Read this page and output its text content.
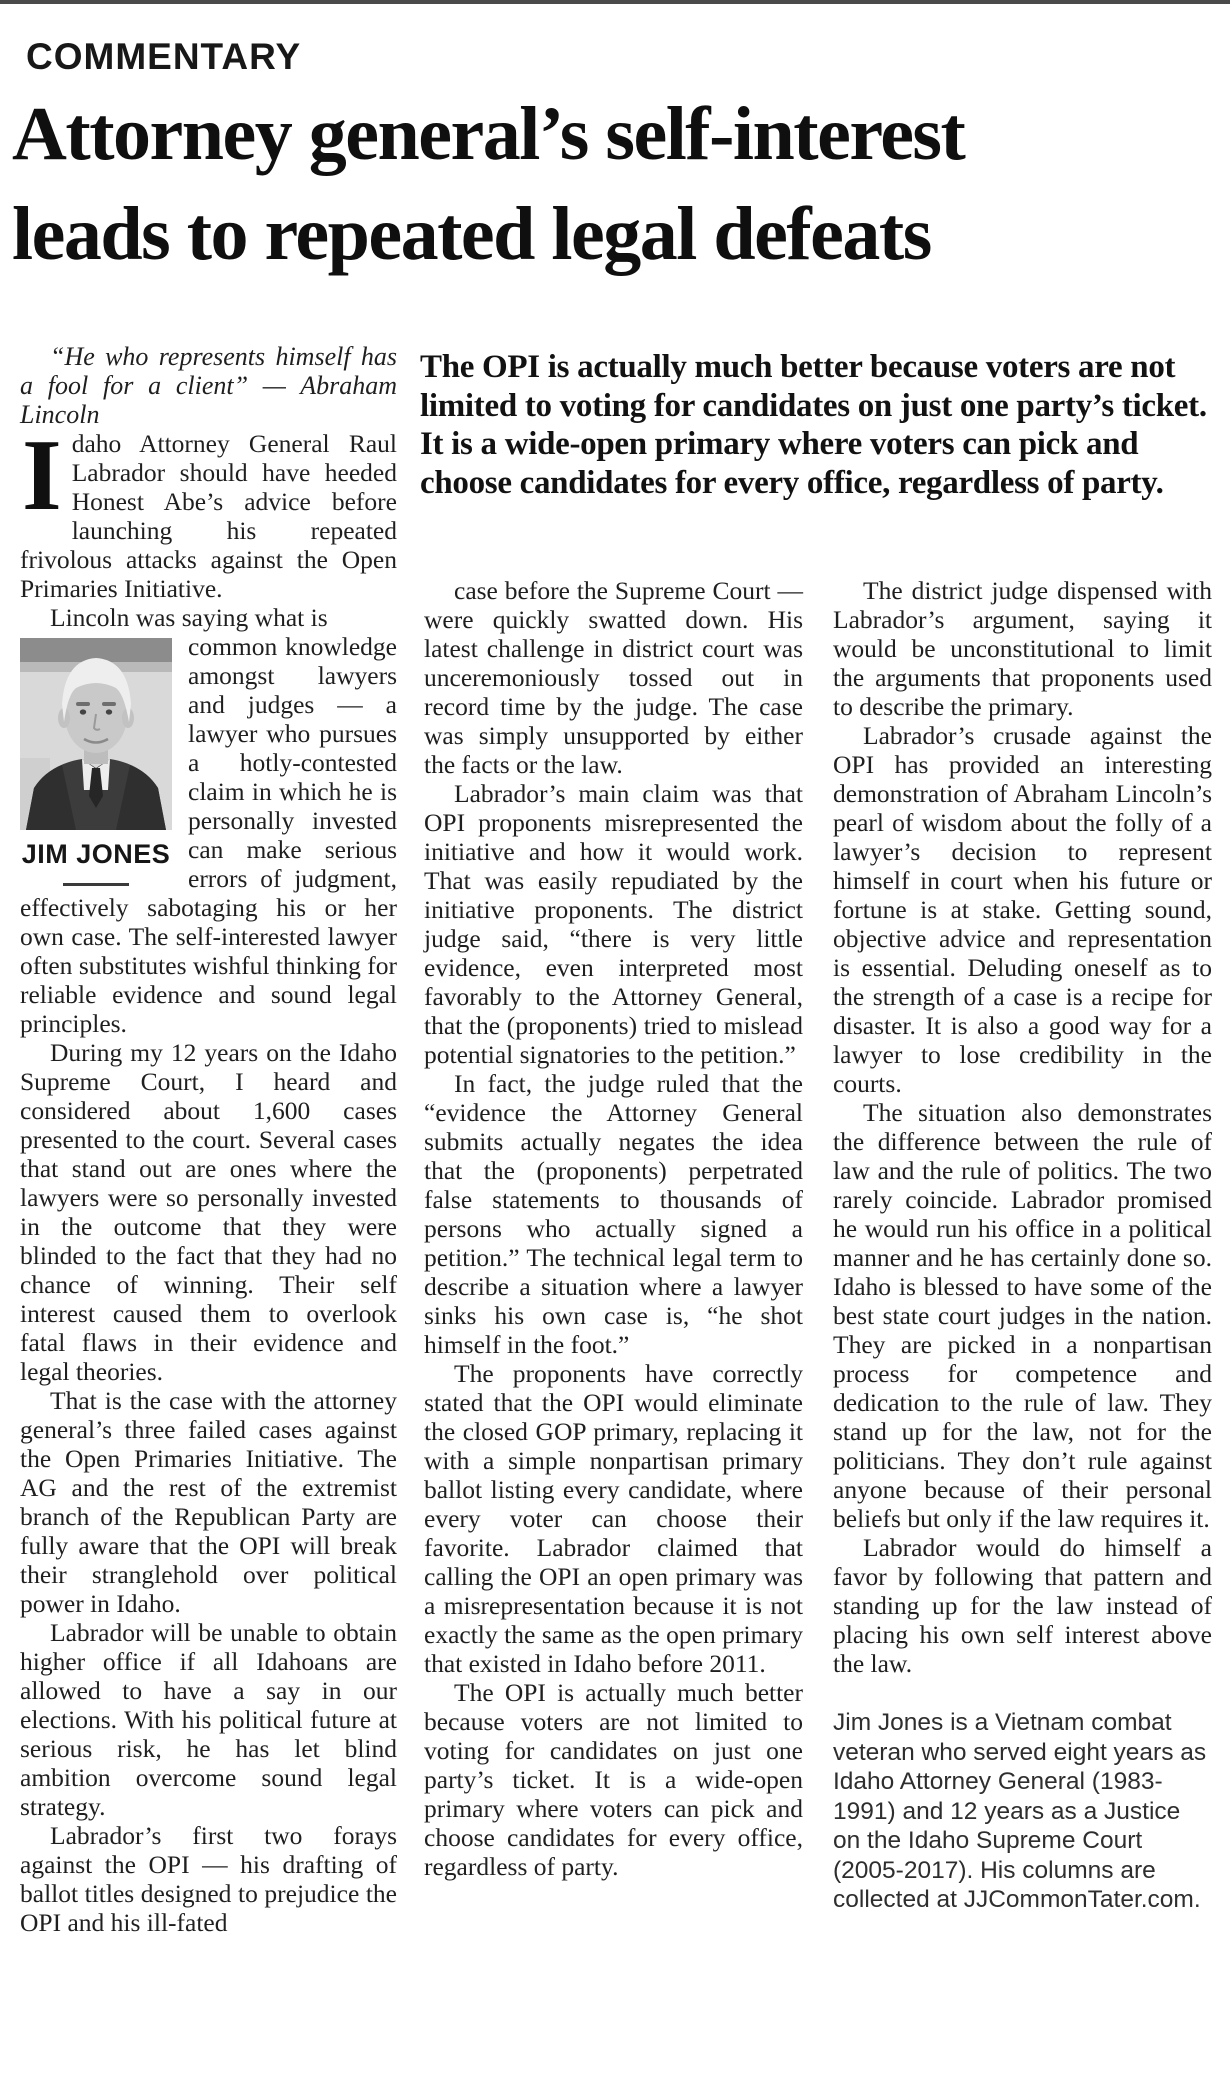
COMMENTARY
Attorney general’s self-interest
leads to repeated legal defeats
The OPI is actually much better because voters are not limited to voting for candidates on just one party’s ticket. It is a wide-open primary where voters can pick and choose candidates for every office, regardless of party.

“He who represents himself has a fool for a client” — Abraham Lincoln

Idaho Attorney General Raul Labrador should have heeded Honest Abe’s advice before launching his repeated frivolous attacks against the Open Primaries Initiative.

Lincoln was saying what is

JIM JONES
common knowledge amongst lawyers and judges — a lawyer who pursues a hotly-contested claim in which he is personally invested can make serious errors of judgment, effectively sabotaging his or her own case. The self-interested lawyer often substitutes wishful thinking for reliable evidence and sound legal principles.

During my 12 years on the Idaho Supreme Court, I heard and considered about 1,600 cases presented to the court. Several cases that stand out are ones where the lawyers were so personally invested in the outcome that they were blinded to the fact that they had no chance of winning. Their self interest caused them to overlook fatal flaws in their evidence and legal theories.

That is the case with the attorney general’s three failed cases against the Open Primaries Initiative. The AG and the rest of the extremist branch of the Republican Party are fully aware that the OPI will break their stranglehold over political power in Idaho.

Labrador will be unable to obtain higher office if all Idahoans are allowed to have a say in our elections. With his political future at serious risk, he has let blind ambition overcome sound legal strategy.

Labrador’s first two forays against the OPI — his drafting of ballot titles designed to prejudice the OPI and his ill-fated

case before the Supreme Court — were quickly swatted down. His latest challenge in district court was unceremoniously tossed out in record time by the judge. The case was simply unsupported by either the facts or the law.

Labrador’s main claim was that OPI proponents misrepresented the initiative and how it would work. That was easily repudiated by the initiative proponents. The district judge said, “there is very little evidence, even interpreted most favorably to the Attorney General, that the (proponents) tried to mislead potential signatories to the petition.”

In fact, the judge ruled that the “evidence the Attorney General submits actually negates the idea that the (proponents) perpetrated false statements to thousands of persons who actually signed a petition.” The technical legal term to describe a situation where a lawyer sinks his own case is, “he shot himself in the foot.”

The proponents have correctly stated that the OPI would eliminate the closed GOP primary, replacing it with a simple nonpartisan primary ballot listing every candidate, where every voter can choose their favorite. Labrador claimed that calling the OPI an open primary was a misrepresentation because it is not exactly the same as the open primary that existed in Idaho before 2011.

The OPI is actually much better because voters are not limited to voting for candidates on just one party’s ticket. It is a wide-open primary where voters can pick and choose candidates for every office, regardless of party.

The district judge dispensed with Labrador’s argument, saying it would be unconstitutional to limit the arguments that proponents used to describe the primary.

Labrador’s crusade against the OPI has provided an interesting demonstration of Abraham Lincoln’s pearl of wisdom about the folly of a lawyer’s decision to represent himself in court when his future or fortune is at stake. Getting sound, objective advice and representation is essential. Deluding oneself as to the strength of a case is a recipe for disaster. It is also a good way for a lawyer to lose credibility in the courts.

The situation also demonstrates the difference between the rule of law and the rule of politics. The two rarely coincide. Labrador promised he would run his office in a political manner and he has certainly done so. Idaho is blessed to have some of the best state court judges in the nation. They are picked in a nonpartisan process for competence and dedication to the rule of law. They stand up for the law, not for the politicians. They don’t rule against anyone because of their personal beliefs but only if the law requires it.

Labrador would do himself a favor by following that pattern and standing up for the law instead of placing his own self interest above the law.

Jim Jones is a Vietnam combat veteran who served eight years as Idaho Attorney General (1983-1991) and 12 years as a Justice on the Idaho Supreme Court (2005-2017). His columns are collected at JJCommonTater.com.
